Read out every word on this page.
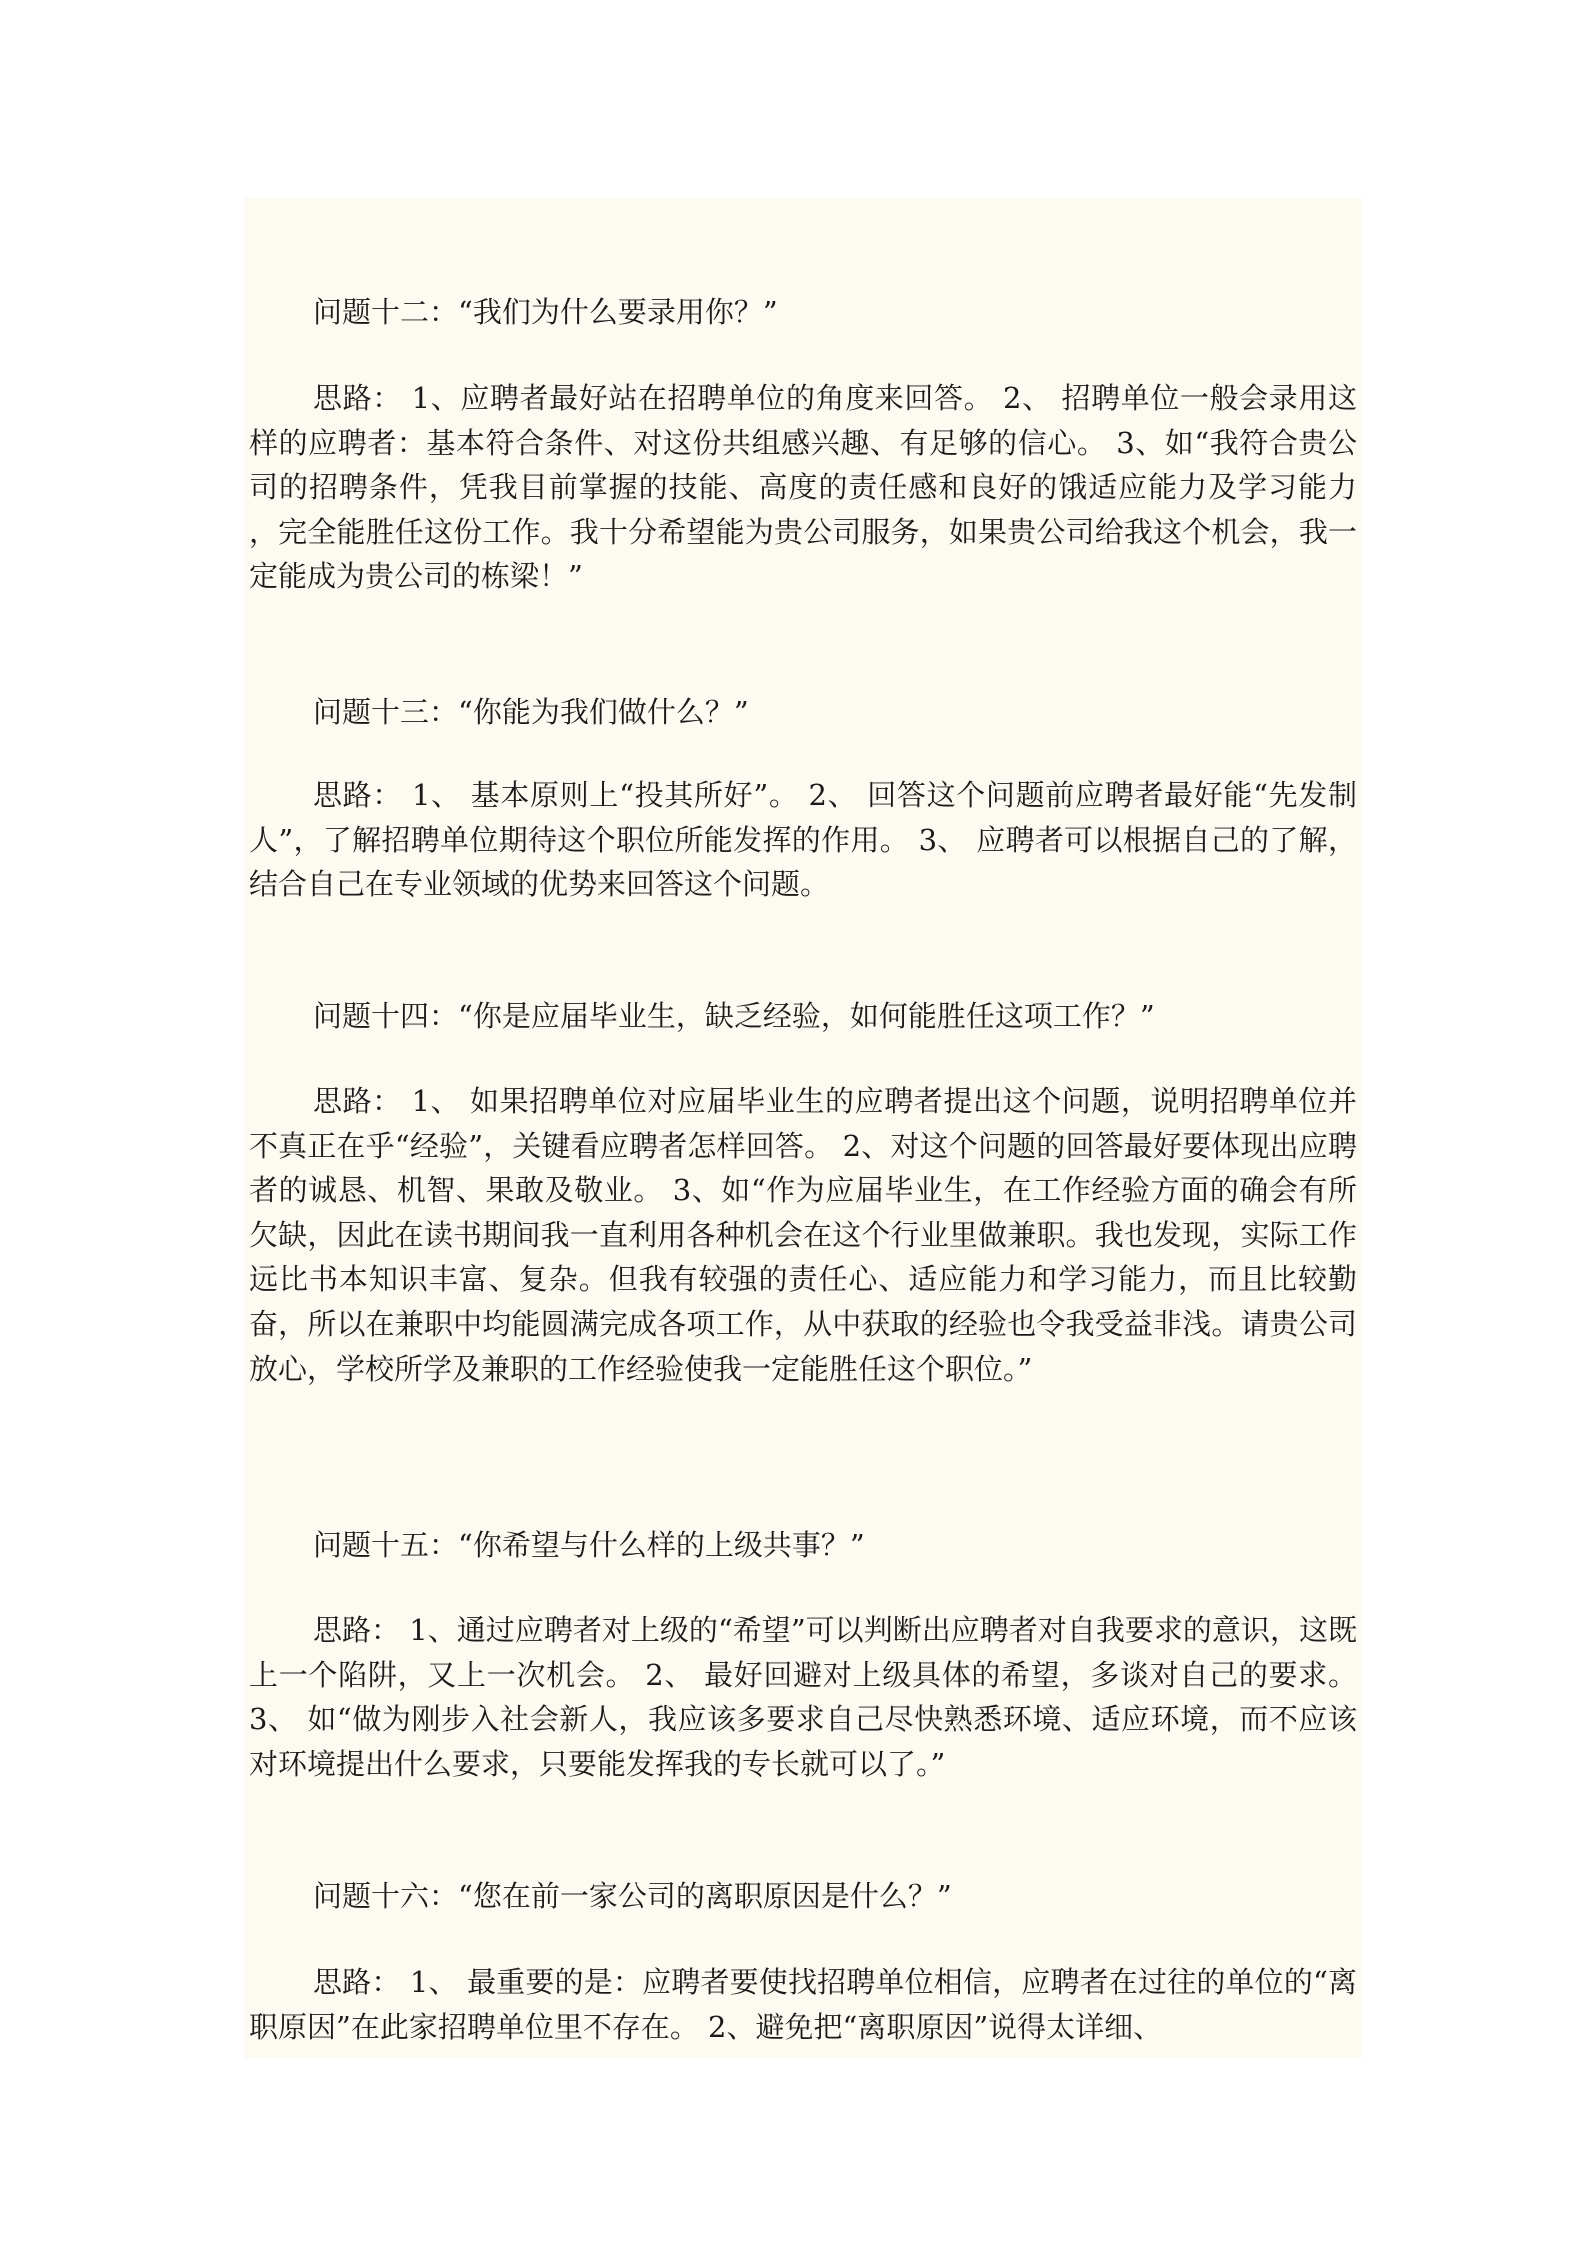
问题十二：“我们为什么要录用你？”

思路： 1、应聘者最好站在招聘单位的角度来回答。 2、 招聘单位一般会录用这样的应聘者：基本符合条件、对这份共组感兴趣、有足够的信心。 3、如“我符合贵公司的招聘条件，凭我目前掌握的技能、高度的责任感和良好的饿适应能力及学习能力 ，完全能胜任这份工作。我十分希望能为贵公司服务，如果贵公司给我这个机会，我一定能成为贵公司的栋梁！”

问题十三：“你能为我们做什么？”

思路： 1、 基本原则上“投其所好”。 2、 回答这个问题前应聘者最好能“先发制人”，了解招聘单位期待这个职位所能发挥的作用。 3、 应聘者可以根据自己的了解，结合自己在专业领域的优势来回答这个问题。

问题十四：“你是应届毕业生，缺乏经验，如何能胜任这项工作？”

思路： 1、 如果招聘单位对应届毕业生的应聘者提出这个问题，说明招聘单位并不真正在乎“经验”，关键看应聘者怎样回答。 2、对这个问题的回答最好要体现出应聘者的诚恳、机智、果敢及敬业。 3、如“作为应届毕业生，在工作经验方面的确会有所欠缺，因此在读书期间我一直利用各种机会在这个行业里做兼职。我也发现，实际工作远比书本知识丰富、复杂。但我有较强的责任心、适应能力和学习能力，而且比较勤奋，所以在兼职中均能圆满完成各项工作，从中获取的经验也令我受益非浅。请贵公司放心，学校所学及兼职的工作经验使我一定能胜任这个职位。”

问题十五：“你希望与什么样的上级共事？”

思路： 1、通过应聘者对上级的“希望”可以判断出应聘者对自我要求的意识，这既上一个陷阱，又上一次机会。 2、 最好回避对上级具体的希望，多谈对自己的要求。 3、 如“做为刚步入社会新人，我应该多要求自己尽快熟悉环境、适应环境，而不应该对环境提出什么要求，只要能发挥我的专长就可以了。”

问题十六：“您在前一家公司的离职原因是什么？”

思路： 1、 最重要的是：应聘者要使找招聘单位相信，应聘者在过往的单位的“离职原因”在此家招聘单位里不存在。 2、避免把“离职原因”说得太详细、
